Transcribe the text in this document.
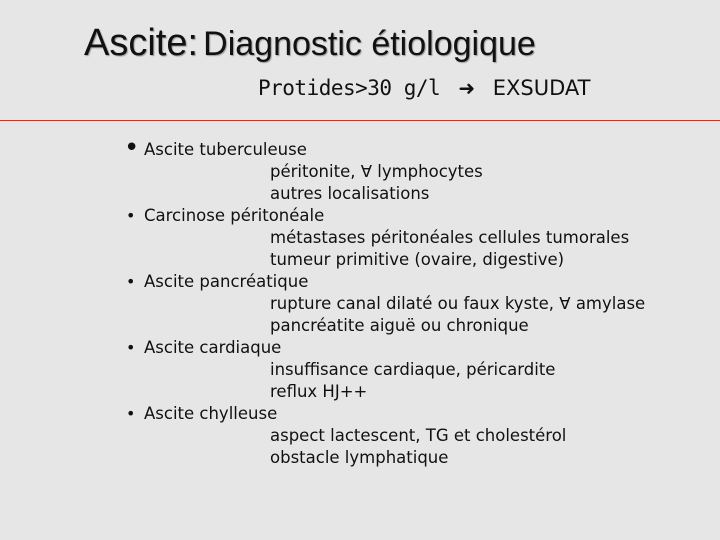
Ascite: Diagnostic étiologique
Protides>30 g/l ➜ EXSUDAT
• Ascite tuberculeuse
péritonite, ∀ lymphocytes
autres localisations
• Carcinose péritonéale
métastases péritonéales cellules tumorales
tumeur primitive (ovaire, digestive)
• Ascite pancréatique
rupture canal dilaté ou faux kyste, ∀ amylase
pancréatite aiguë ou chronique
• Ascite cardiaque
insuffisance cardiaque, péricardite
reflux HJ++
• Ascite chylleuse
aspect lactescent, TG et cholestérol
obstacle lymphatique
